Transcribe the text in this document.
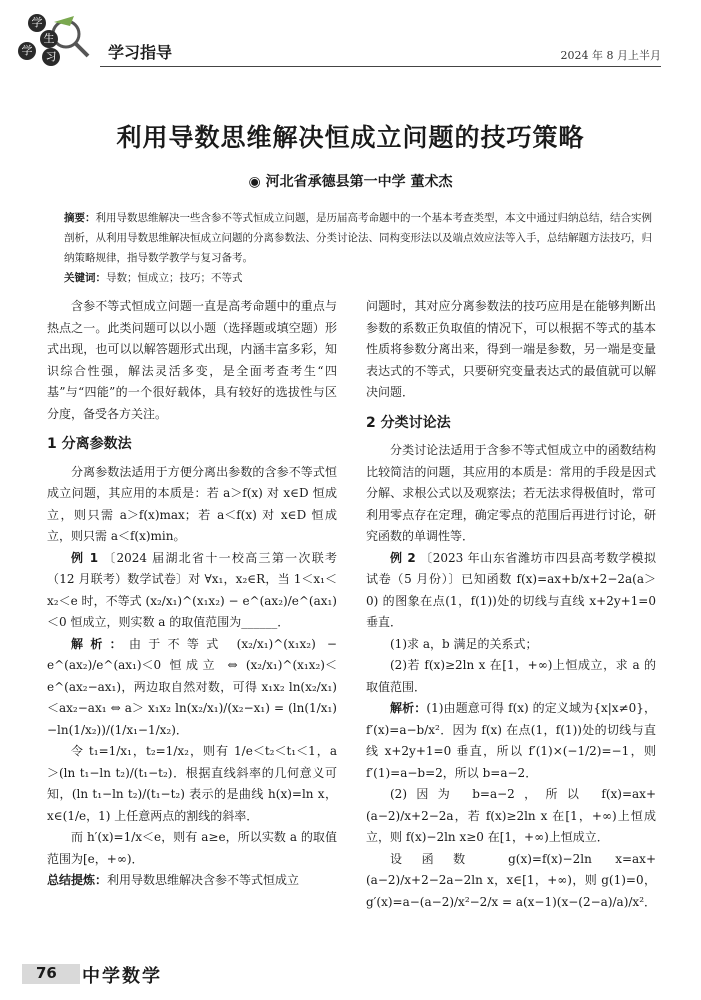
学
生
学	习	学习指导	2024 年 8 月上半月
利用导数思维解决恒成立问题的技巧策略
◉ 河北省承德县第一中学 董术杰
摘要：利用导数思维解决一些含参不等式恒成立问题，是历届高考命题中的一个基本考查类型，本文中通过归纳总结，结合实例剖析，从利用导数思维解决恒成立问题的分离参数法、分类讨论法、同构变形法以及端点效应法等入手，总结解题方法技巧，归纳策略规律，指导数学教学与复习备考。
关键词：导数；恒成立；技巧；不等式

含参不等式恒成立问题一直是高考命题中的重点与热点之一。此类问题可以以小题（选择题或填空题）形式出现，也可以以解答题形式出现，内涵丰富多彩，知识综合性强，解法灵活多变，是全面考查考生“四基”与“四能”的一个很好载体，具有较好的选拔性与区分度，备受各方关注。

1 分离参数法

分离参数法适用于方便分离出参数的含参不等式恒成立问题，其应用的本质是：若 a＞f(x) 对 x∈D 恒成立，则只需 a＞f(x)max；若 a＜f(x) 对 x∈D 恒成立，则只需 a＜f(x)min。

例 1 〔2024 届湖北省十一校高三第一次联考（12 月联考）数学试卷〕对 ∀x₁，x₂∈R，当 1＜x₁＜x₂＜e 时，不等式 (x₂/x₁)^(x₁x₂) − e^(ax₂)/e^(ax₁)＜0 恒成立，则实数 a 的取值范围为______．

解析：由于不等式 (x₂/x₁)^(x₁x₂) − e^(ax₂)/e^(ax₁)＜0 恒成立 ⇔ (x₂/x₁)^(x₁x₂)＜e^(ax₂−ax₁)，两边取自然对数，可得 x₁x₂ ln(x₂/x₁)＜ax₂−ax₁ ⇔ a＞ x₁x₂ ln(x₂/x₁)/(x₂−x₁) = (ln(1/x₁)−ln(1/x₂))/(1/x₁−1/x₂)．

令 t₁=1/x₁，t₂=1/x₂，则有 1/e＜t₂＜t₁＜1，a＞(ln t₁−ln t₂)/(t₁−t₂)．根据直线斜率的几何意义可知，(ln t₁−ln t₂)/(t₁−t₂) 表示的是曲线 h(x)=ln x，x∈(1/e，1) 上任意两点的割线的斜率．

而 h′(x)=1/x＜e，则有 a≥e，所以实数 a 的取值范围为[e，+∞)．

总结提炼：利用导数思维解决含参不等式恒成立

问题时，其对应分离参数法的技巧应用是在能够判断出参数的系数正负取值的情况下，可以根据不等式的基本性质将参数分离出来，得到一端是参数，另一端是变量表达式的不等式，只要研究变量表达式的最值就可以解决问题．

2 分类讨论法

分类讨论法适用于含参不等式恒成立中的函数结构比较简洁的问题，其应用的本质是：常用的手段是因式分解、求根公式以及观察法；若无法求得极值时，常可利用零点存在定理，确定零点的范围后再进行讨论，研究函数的单调性等．

例 2 〔2023 年山东省潍坊市四县高考数学模拟试卷（5 月份）〕已知函数 f(x)=ax+b/x+2−2a(a＞0) 的图象在点(1，f(1))处的切线与直线 x+2y+1=0 垂直．

(1)求 a，b 满足的关系式；

(2)若 f(x)≥2ln x 在[1，+∞)上恒成立，求 a 的取值范围．

解析：(1)由题意可得 f(x) 的定义域为{x|x≠0}，f′(x)=a−b/x²．因为 f(x) 在点(1，f(1))处的切线与直线 x+2y+1=0 垂直，所以 f′(1)×(−1/2)=−1，则 f′(1)=a−b=2，所以 b=a−2．

(2)因为 b=a−2，所以 f(x)=ax+(a−2)/x+2−2a，若 f(x)≥2ln x 在[1，+∞)上恒成立，则 f(x)−2ln x≥0 在[1，+∞)上恒成立．

设函数 g(x)=f(x)−2ln x=ax+(a−2)/x+2−2a−2ln x，x∈[1，+∞)，则 g(1)=0，g′(x)=a−(a−2)/x²−2/x = a(x−1)(x−(2−a)/a)/x²．

76 中学数学
